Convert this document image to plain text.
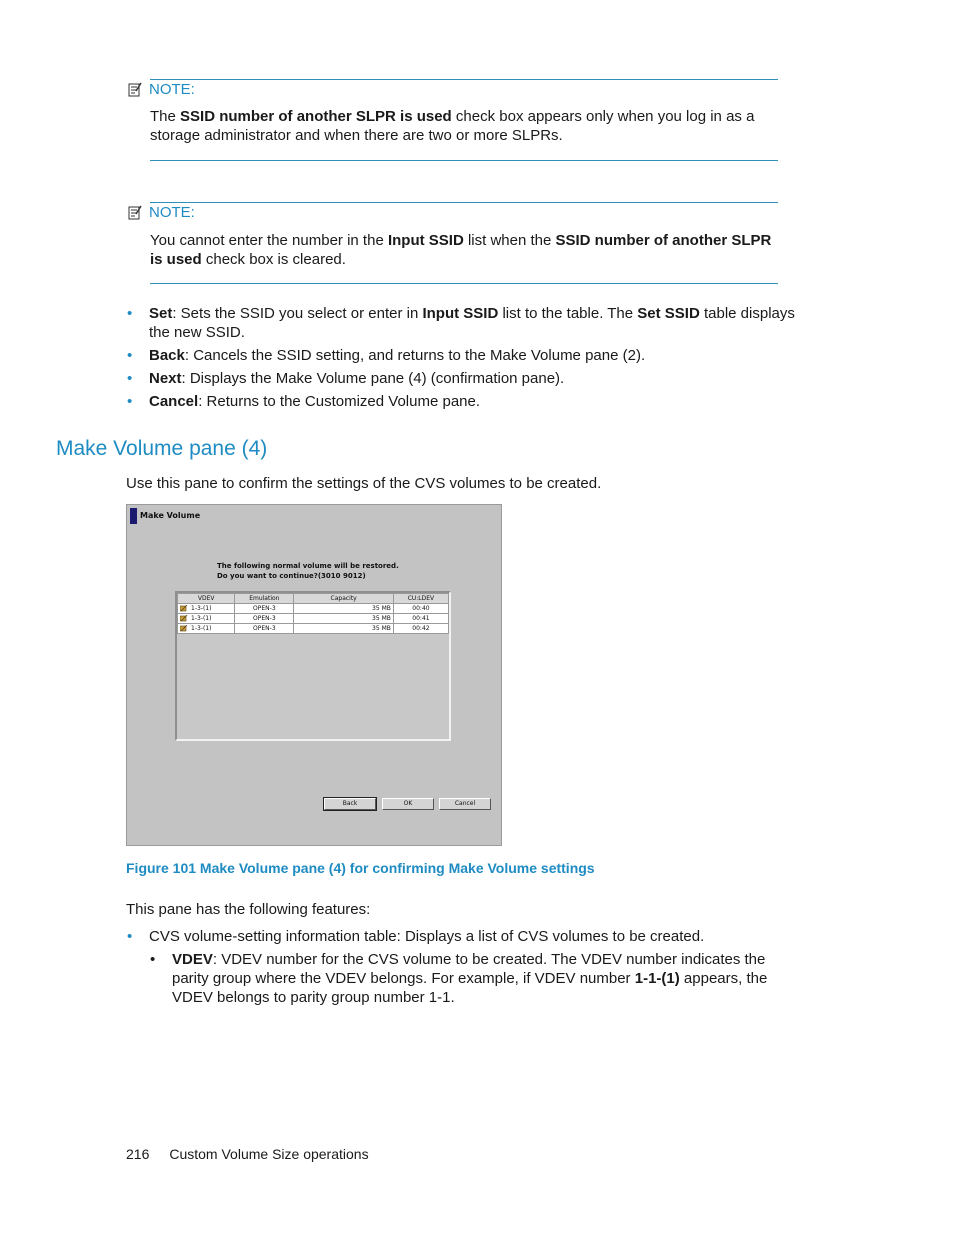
NOTE:
The SSID number of another SLPR is used check box appears only when you log in as a storage administrator and when there are two or more SLPRs.
NOTE:
You cannot enter the number in the Input SSID list when the SSID number of another SLPR is used check box is cleared.
• Set: Sets the SSID you select or enter in Input SSID list to the table. The Set SSID table displays the new SSID.
• Back: Cancels the SSID setting, and returns to the Make Volume pane (2).
• Next: Displays the Make Volume pane (4) (confirmation pane).
• Cancel: Returns to the Customized Volume pane.
Make Volume pane (4)
Use this pane to confirm the settings of the CVS volumes to be created.
Make Volume
The following normal volume will be restored.
Do you want to continue?(3010 9012)
VDEV	Emulation	Capacity	CU:LDEV
1-3-(1)	OPEN-3	35 MB	00:40
1-3-(1)	OPEN-3	35 MB	00:41
1-3-(1)	OPEN-3	35 MB	00:42
Back	OK	Cancel
Figure 101 Make Volume pane (4) for confirming Make Volume settings
This pane has the following features:
• CVS volume-setting information table: Displays a list of CVS volumes to be created.
• VDEV: VDEV number for the CVS volume to be created. The VDEV number indicates the parity group where the VDEV belongs. For example, if VDEV number 1-1-(1) appears, the VDEV belongs to parity group number 1-1.
216 Custom Volume Size operations
